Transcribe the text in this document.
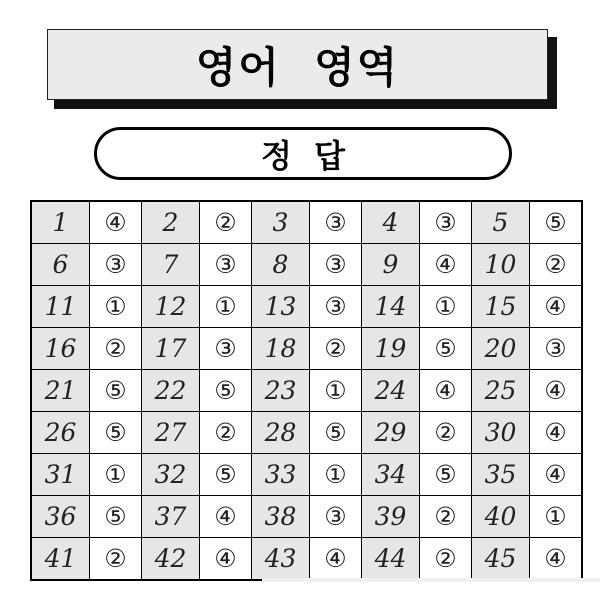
영어  영역
정  답
1	④	2	②	3	③	4	③	5	⑤
6	③	7	③	8	③	9	④	10	②
11	①	12	①	13	③	14	①	15	④
16	②	17	③	18	②	19	⑤	20	③
21	⑤	22	⑤	23	①	24	④	25	④
26	⑤	27	②	28	⑤	29	②	30	④
31	①	32	⑤	33	①	34	⑤	35	④
36	⑤	37	④	38	③	39	②	40	①
41	②	42	④	43	④	44	②	45	④
